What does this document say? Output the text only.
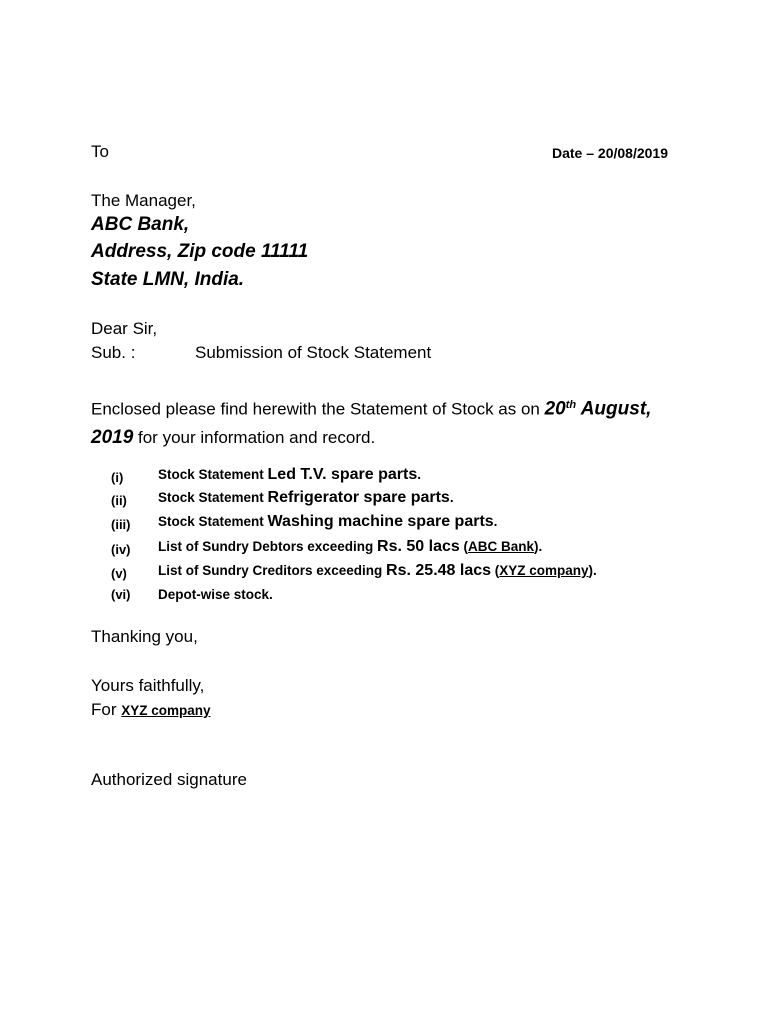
To	Date – 20/08/2019
The Manager,
ABC Bank,
Address, Zip code 11111
State LMN, India.
Dear Sir,
Sub. :	Submission of Stock Statement
Enclosed please find herewith the Statement of Stock as on 20th August,
2019 for your information and record.
(i)	Stock Statement Led T.V. spare parts.
(ii) Stock Statement Refrigerator spare parts.
(iii) Stock Statement Washing machine spare parts.
(iv) List of Sundry Debtors exceeding Rs. 50 lacs (ABC Bank).
(v) List of Sundry Creditors exceeding Rs. 25.48 lacs (XYZ company).
(vi) Depot-wise stock.
Thanking you,
Yours faithfully,
For XYZ company
Authorized signature
